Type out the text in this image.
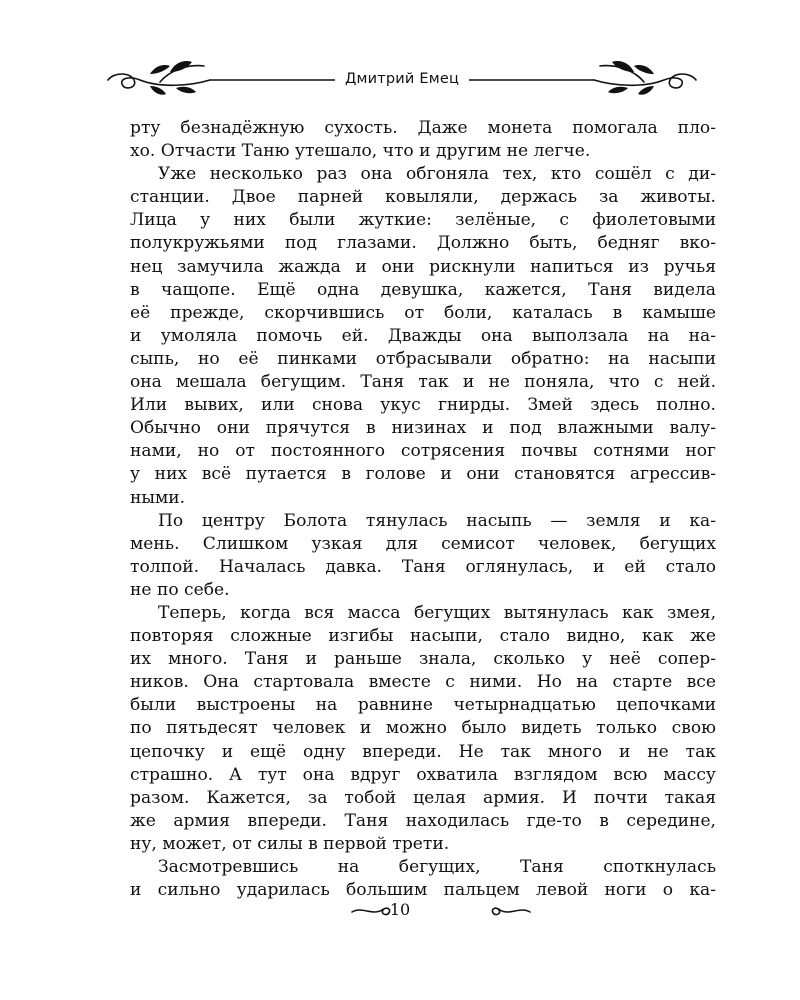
Дмитрий Емец
рту безнадёжную сухость. Даже монета помогала пло-
хо. Отчасти Таню утешало, что и другим не легче.
Уже несколько раз она обгоняла тех, кто сошёл с ди-
станции. Двое парней ковыляли, держась за животы.
Лица у них были жуткие: зелёные, с фиолетовыми
полукружьями под глазами. Должно быть, бедняг вко-
нец замучила жажда и они рискнули напиться из ручья
в чащопе. Ещё одна девушка, кажется, Таня видела
её прежде, скорчившись от боли, каталась в камыше
и умоляла помочь ей. Дважды она выползала на на-
сыпь, но её пинками отбрасывали обратно: на насыпи
она мешала бегущим. Таня так и не поняла, что с ней.
Или вывих, или снова укус гнирды. Змей здесь полно.
Обычно они прячутся в низинах и под влажными валу-
нами, но от постоянного сотрясения почвы сотнями ног
у них всё путается в голове и они становятся агрессив-
ными.
По центру Болота тянулась насыпь — земля и ка-
мень. Слишком узкая для семисот человек, бегущих
толпой. Началась давка. Таня оглянулась, и ей стало
не по себе.
Теперь, когда вся масса бегущих вытянулась как змея,
повторяя сложные изгибы насыпи, стало видно, как же
их много. Таня и раньше знала, сколько у неё сопер-
ников. Она стартовала вместе с ними. Но на старте все
были выстроены на равнине четырнадцатью цепочками
по пятьдесят человек и можно было видеть только свою
цепочку и ещё одну впереди. Не так много и не так
страшно. А тут она вдруг охватила взглядом всю массу
разом. Кажется, за тобой целая армия. И почти такая
же армия впереди. Таня находилась где-то в середине,
ну, может, от силы в первой трети.
Засмотревшись на бегущих, Таня споткнулась
и сильно ударилась большим пальцем левой ноги о ка-
10
